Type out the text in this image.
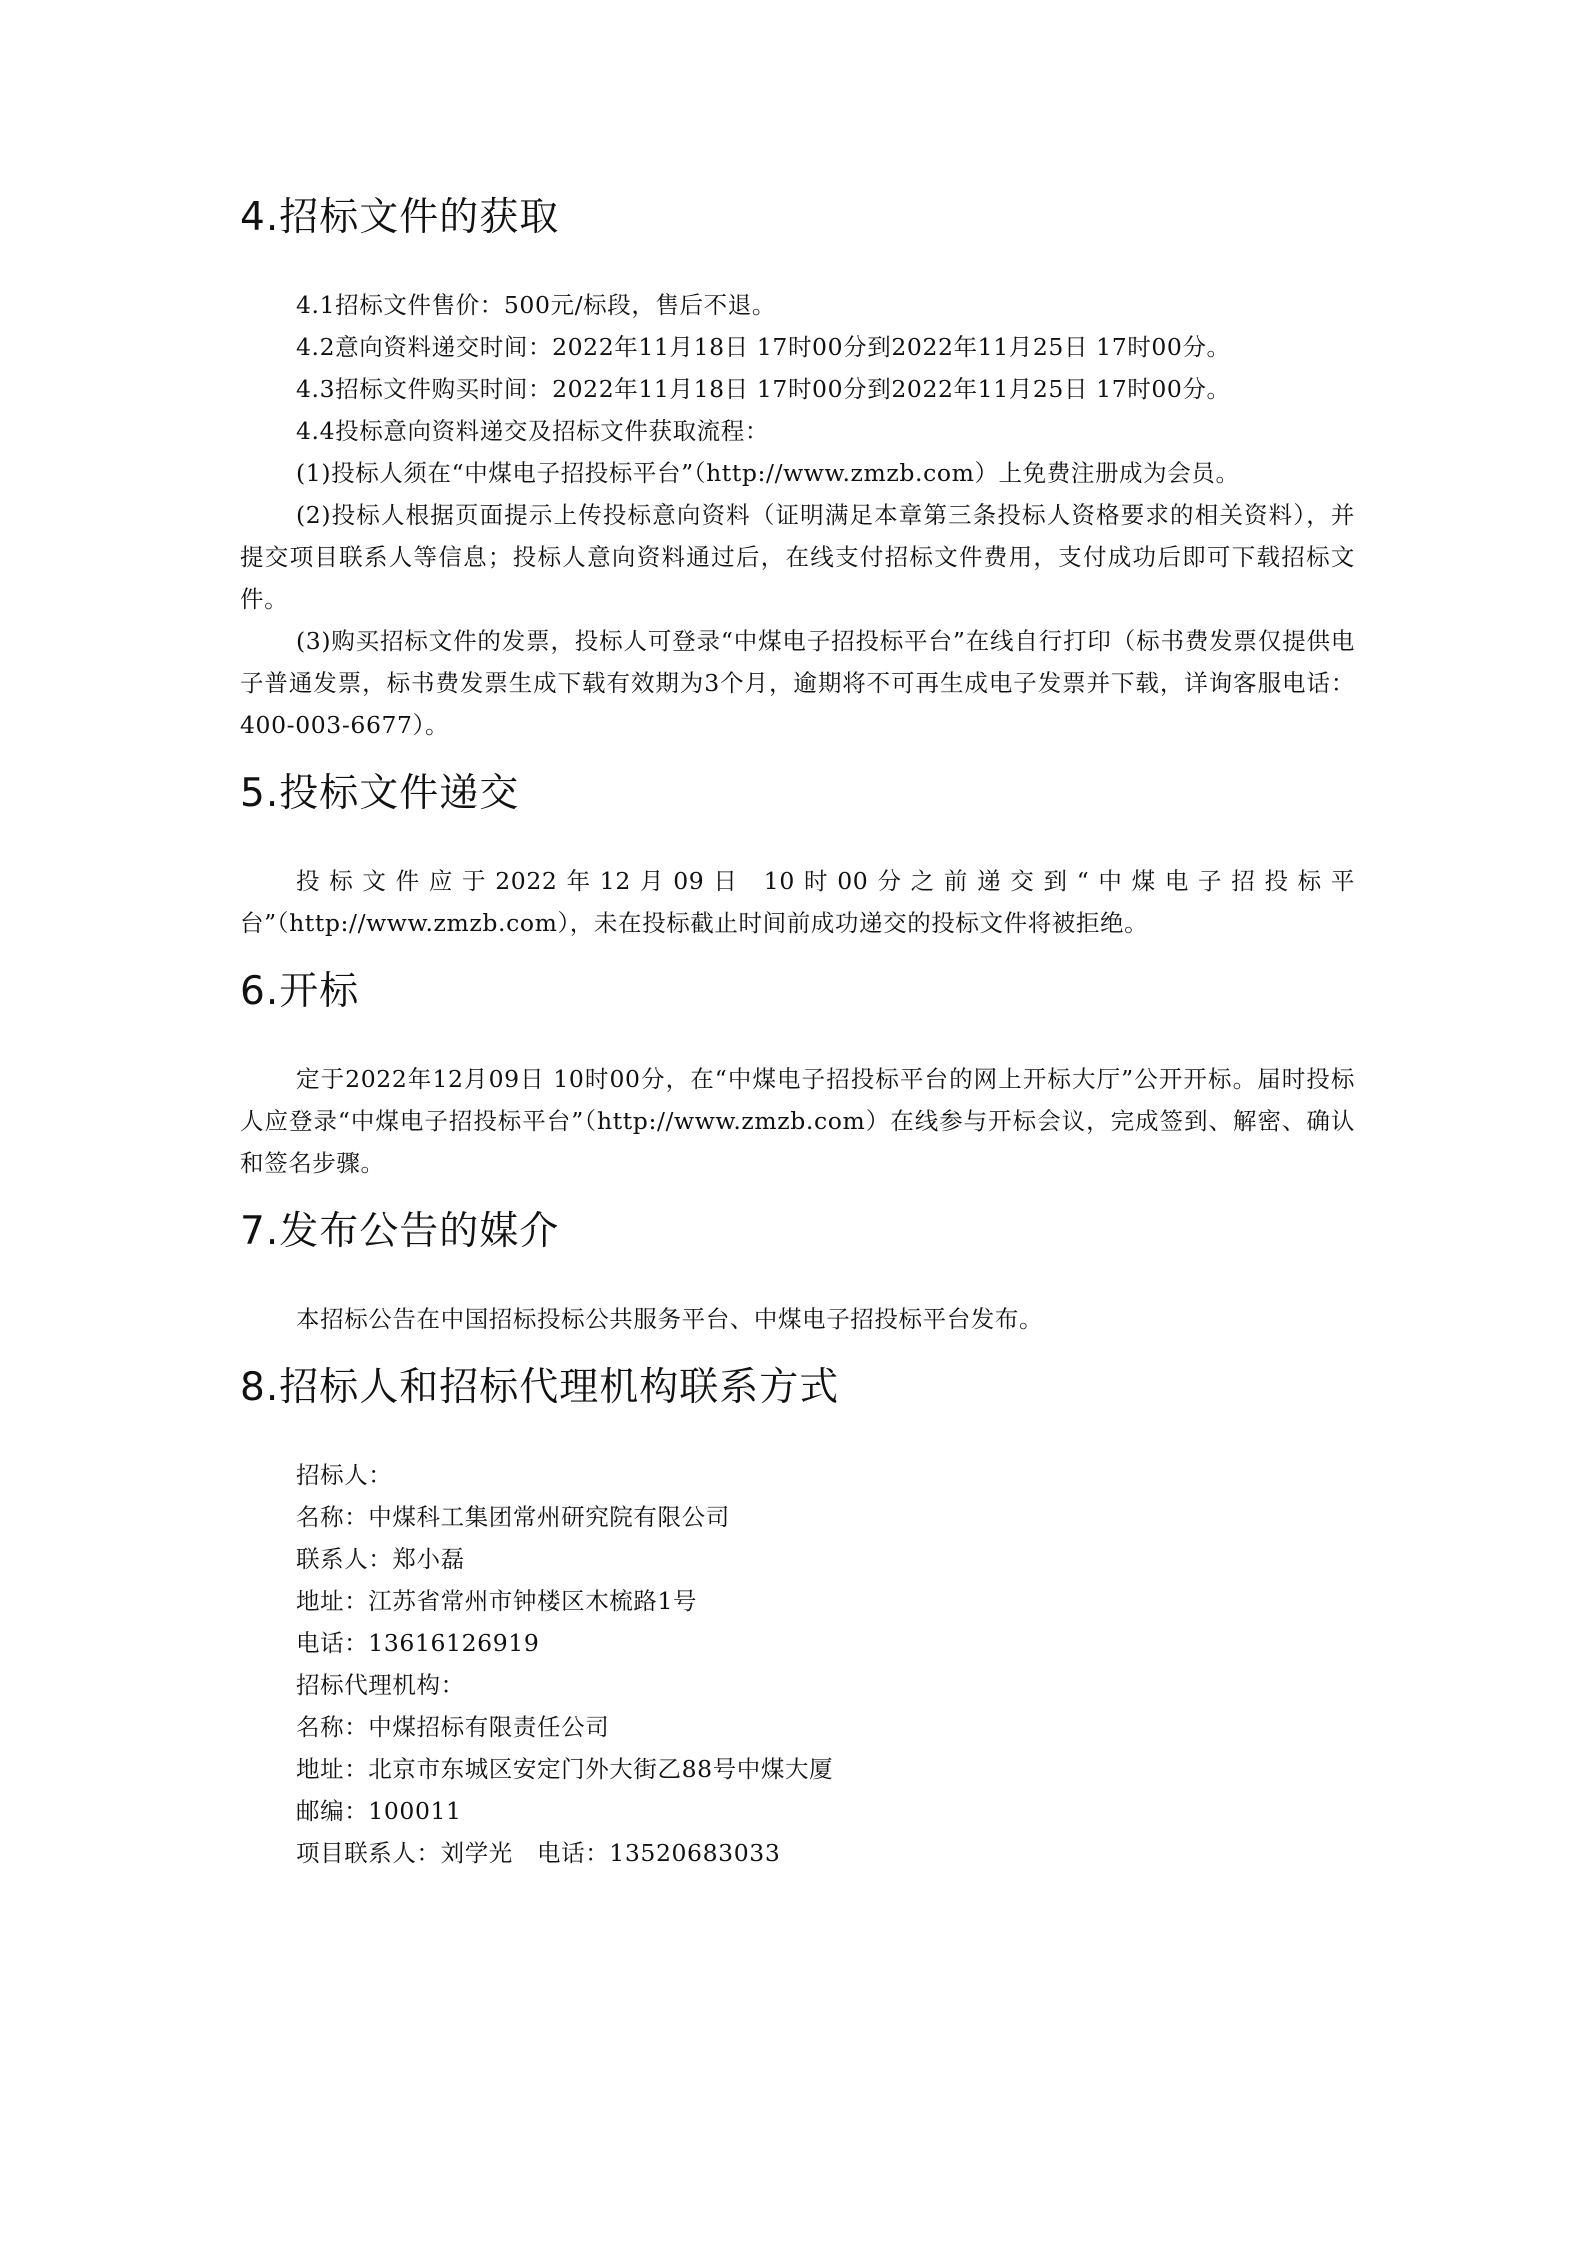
4.招标文件的获取

4.1招标文件售价：500元/标段，售后不退。

4.2意向资料递交时间：2022年11月18日 17时00分到2022年11月25日 17时00分。

4.3招标文件购买时间：2022年11月18日 17时00分到2022年11月25日 17时00分。

4.4投标意向资料递交及招标文件获取流程：

(1)投标人须在“中煤电子招投标平台”（http://www.zmzb.com）上免费注册成为会员。

(2)投标人根据页面提示上传投标意向资料（证明满足本章第三条投标人资格要求的相关资料），并提交项目联系人等信息；投标人意向资料通过后，在线支付招标文件费用，支付成功后即可下载招标文件。

(3)购买招标文件的发票，投标人可登录“中煤电子招投标平台”在线自行打印（标书费发票仅提供电子普通发票，标书费发票生成下载有效期为3个月，逾期将不可再生成电子发票并下载，详询客服电话：400-003-6677）。

5.投标文件递交

投标文件应于2022年12月09日 10时00分之前递交到“中煤电子招投标平台”（http://www.zmzb.com），未在投标截止时间前成功递交的投标文件将被拒绝。

6.开标

定于2022年12月09日 10时00分，在“中煤电子招投标平台的网上开标大厅”公开开标。届时投标人应登录“中煤电子招投标平台”（http://www.zmzb.com）在线参与开标会议，完成签到、解密、确认和签名步骤。

7.发布公告的媒介

本招标公告在中国招标投标公共服务平台、中煤电子招投标平台发布。

8.招标人和招标代理机构联系方式

招标人：

名称：中煤科工集团常州研究院有限公司

联系人：郑小磊

地址：江苏省常州市钟楼区木梳路1号

电话：13616126919

招标代理机构：

名称：中煤招标有限责任公司

地址：北京市东城区安定门外大街乙88号中煤大厦

邮编：100011

项目联系人：刘学光　电话：13520683033
